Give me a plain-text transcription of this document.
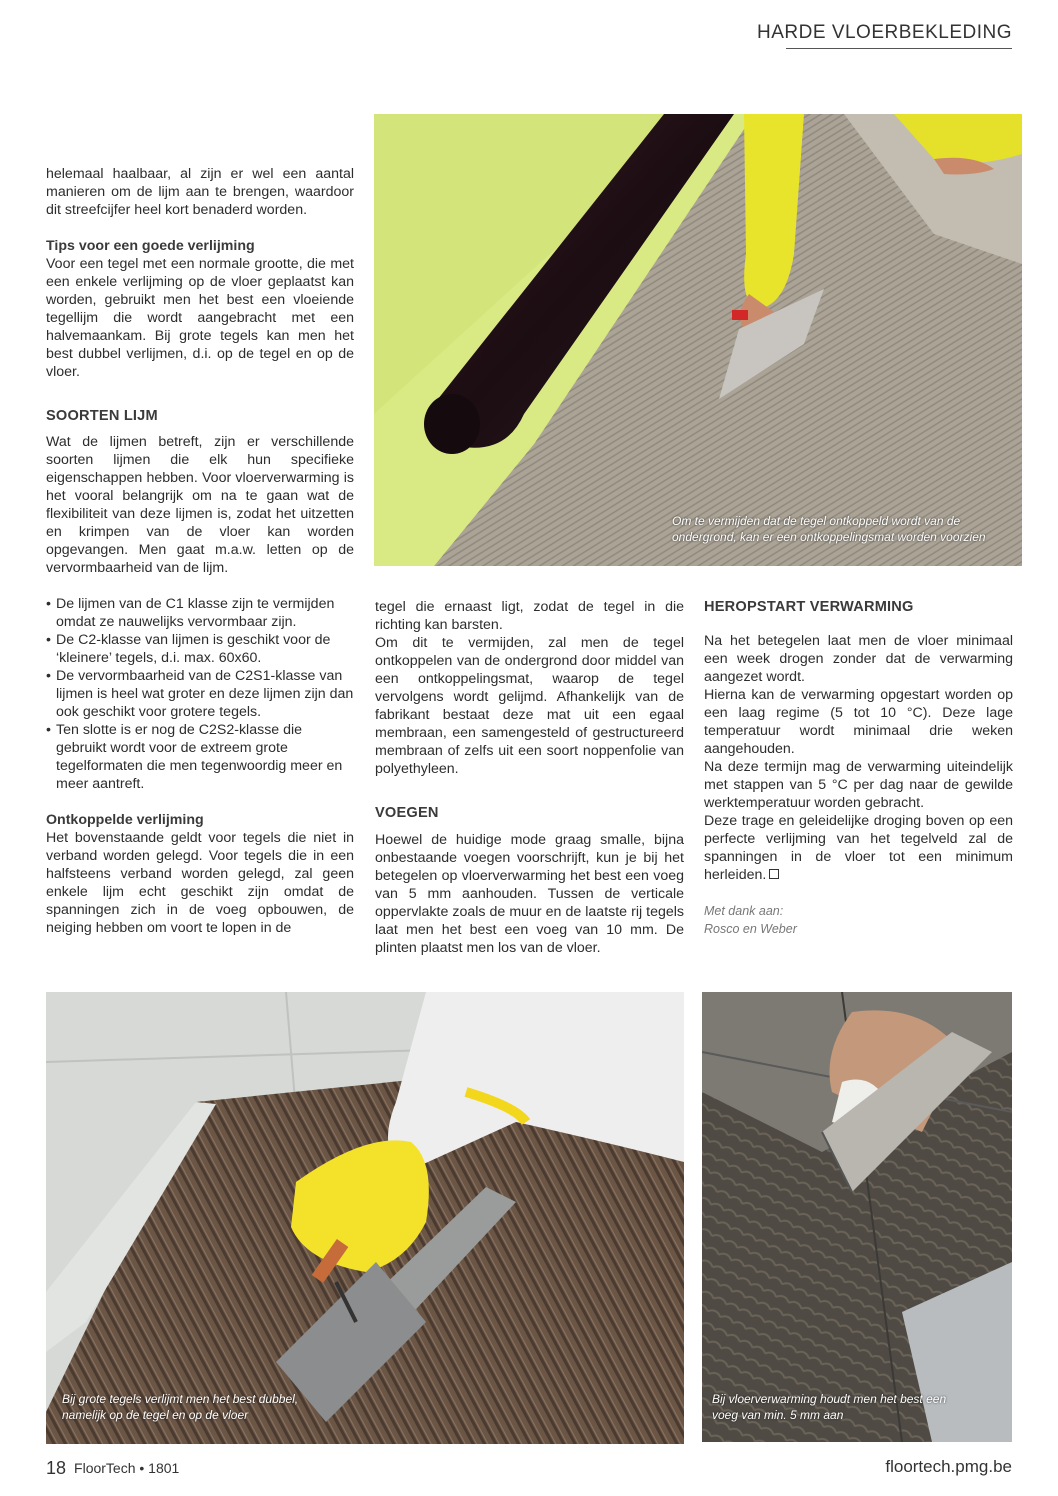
HARDE VLOERBEKLEDING
Om te vermijden dat de tegel ontkoppeld wordt van de ondergrond, kan er een ontkoppelingsmat worden voorzien

helemaal haalbaar, al zijn er wel een aantal manieren om de lijm aan te brengen, waardoor dit streefcijfer heel kort benaderd worden.

Tips voor een goede verlijming

Voor een tegel met een normale grootte, die met een enkele verlijming op de vloer geplaatst kan worden, gebruikt men het best een vloeiende tegellijm die wordt aangebracht met een halvemaankam. Bij grote tegels kan men het best dubbel verlijmen, d.i. op de tegel en op de vloer.

SOORTEN LIJM

Wat de lijmen betreft, zijn er verschillende soorten lijmen die elk hun specifieke eigenschappen hebben. Voor vloerverwarming is het vooral belangrijk om na te gaan wat de flexibiliteit van deze lijmen is, zodat het uitzetten en krimpen van de vloer kan worden opgevangen. Men gaat m.a.w. letten op de vervormbaarheid van de lijm.

• De lijmen van de C1 klasse zijn te vermijden omdat ze nauwelijks vervormbaar zijn.
• De C2-klasse van lijmen is geschikt voor de ‘kleinere’ tegels, d.i. max. 60x60.
• De vervormbaarheid van de C2S1-klasse van lijmen is heel wat groter en deze lijmen zijn dan ook geschikt voor grotere tegels.
• Ten slotte is er nog de C2S2-klasse die gebruikt wordt voor de extreem grote tegelformaten die men tegenwoordig meer en meer aantreft.
Ontkoppelde verlijming

Het bovenstaande geldt voor tegels die niet in verband worden gelegd. Voor tegels die in een halfsteens verband worden gelegd, zal geen enkele lijm echt geschikt zijn omdat de spanningen zich in de voeg opbouwen, de neiging hebben om voort te lopen in de

tegel die ernaast ligt, zodat de tegel in die richting kan barsten.

Om dit te vermijden, zal men de tegel ontkoppelen van de ondergrond door middel van een ontkoppelingsmat, waarop de tegel vervolgens wordt gelijmd. Afhankelijk van de fabrikant bestaat deze mat uit een egaal membraan, een samengesteld of gestructureerd membraan of zelfs uit een soort noppenfolie van polyethyleen.

VOEGEN

Hoewel de huidige mode graag smalle, bijna onbestaande voegen voorschrijft, kun je bij het betegelen op vloerverwarming het best een voeg van 5 mm aanhouden. Tussen de verticale oppervlakte zoals de muur en de laatste rij tegels laat men het best een voeg van 10 mm. De plinten plaatst men los van de vloer.

HEROPSTART VERWARMING

Na het betegelen laat men de vloer minimaal een week drogen zonder dat de verwarming aangezet wordt.

Hierna kan de verwarming opgestart worden op een laag regime (5 tot 10 °C). Deze lage temperatuur wordt minimaal drie weken aangehouden.

Na deze termijn mag de verwarming uiteindelijk met stappen van 5 °C per dag naar de gewilde werktemperatuur worden gebracht.

Deze trage en geleidelijke droging boven op een perfecte verlijming van het tegelveld zal de spanningen in de vloer tot een minimum herleiden.

Met dank aan:
Rosco en Weber
Bij grote tegels verlijmt men het best dubbel, namelijk op de tegel en op de vloer
Bij vloerverwarming houdt men het best een voeg van min. 5 mm aan
18 FloorTech • 1801	floortech.pmg.be
